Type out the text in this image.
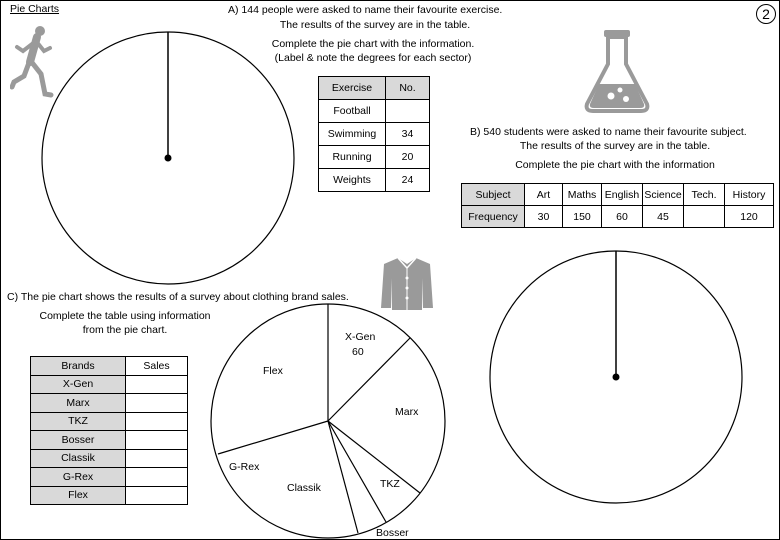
Pie Charts	2
A) 144 people were asked to name their favourite exercise.
The results of the survey are in the table.
Complete the pie chart with the information.
(Label & note the degrees for each sector)
Exercise	No.
Football	
Swimming	34
Running	20
Weights	24
B) 540 students were asked to name their favourite subject.
The results of the survey are in the table.
Complete the pie chart with the information
Subject	Art	Maths	English	Science	Tech.	History
Frequency	30	150	60	45		120
C) The pie chart shows the results of a survey about clothing brand sales.
Complete the table using information
from the pie chart.
Brands	Sales
X-Gen	
Marx	
TKZ	
Bosser	
Classik	
G-Rex	
Flex	
X-Gen
60
Flex
Marx
G-Rex
Classik	TKZ
Bosser
